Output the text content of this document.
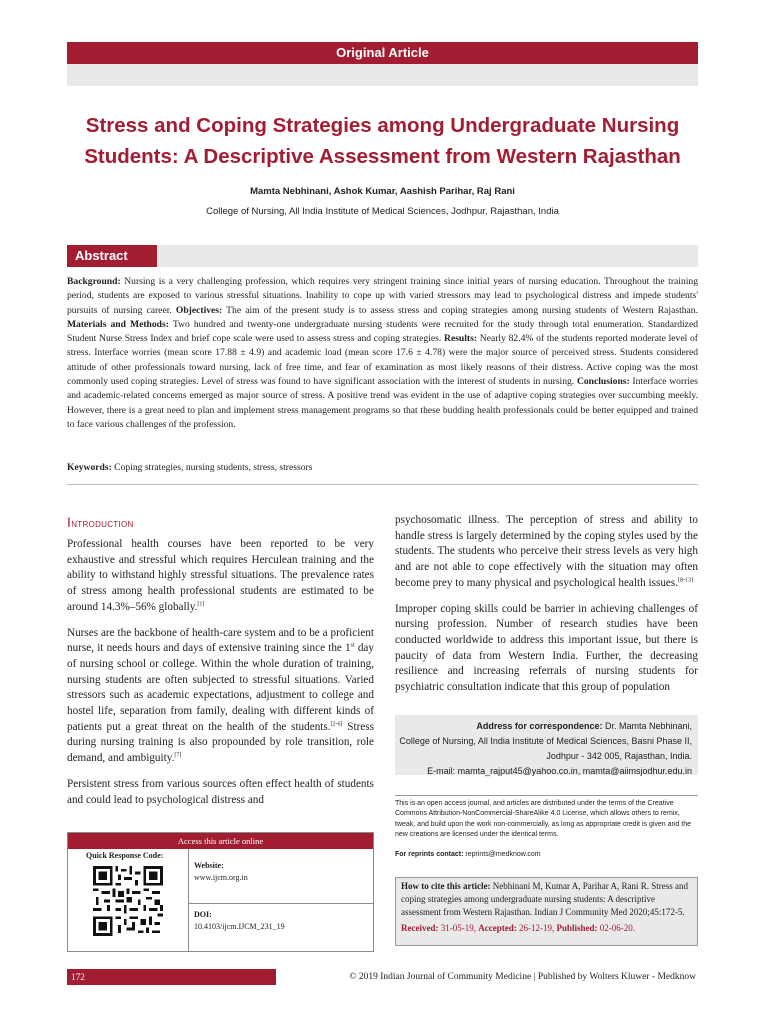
Original Article
Stress and Coping Strategies among Undergraduate Nursing
Students: A Descriptive Assessment from Western Rajasthan
Mamta Nebhinani, Ashok Kumar, Aashish Parihar, Raj Rani
College of Nursing, All India Institute of Medical Sciences, Jodhpur, Rajasthan, India
Abstract
Background: Nursing is a very challenging profession, which requires very stringent training since initial years of nursing education. Throughout the training period, students are exposed to various stressful situations. Inability to cope up with varied stressors may lead to psychological distress and impede students' pursuits of nursing career. Objectives: The aim of the present study is to assess stress and coping strategies among nursing students of Western Rajasthan. Materials and Methods: Two hundred and twenty-one undergraduate nursing students were recruited for the study through total enumeration. Standardized Student Nurse Stress Index and brief cope scale were used to assess stress and coping strategies. Results: Nearly 82.4% of the students reported moderate level of stress. Interface worries (mean score 17.88 ± 4.9) and academic load (mean score 17.6 ± 4.78) were the major source of perceived stress. Students considered attitude of other professionals toward nursing, lack of free time, and fear of examination as most likely reasons of their distress. Active coping was the most commonly used coping strategies. Level of stress was found to have significant association with the interest of students in nursing. Conclusions: Interface worries and academic-related concerns emerged as major source of stress. A positive trend was evident in the use of adaptive coping strategies over succumbing meekly. However, there is a great need to plan and implement stress management programs so that these budding health professionals could be better equipped and trained to face various challenges of the profession.
Keywords: Coping strategies, nursing students, stress, stressors
Introduction

Professional health courses have been reported to be very exhaustive and stressful which requires Herculean training and the ability to withstand highly stressful situations. The prevalence rates of stress among health professional students are estimated to be around 14.3%–56% globally.[1]

Nurses are the backbone of health-care system and to be a proficient nurse, it needs hours and days of extensive training since the 1st day of nursing school or college. Within the whole duration of training, nursing students are often subjected to stressful situations. Varied stressors such as academic expectations, adjustment to college and hostel life, separation from family, dealing with different kinds of patients put a great threat on the health of the students.[2-6] Stress during nursing training is also propounded by role transition, role demand, and ambiguity.[7]

Persistent stress from various sources often effect health of students and could lead to psychological distress and

psychosomatic illness. The perception of stress and ability to handle stress is largely determined by the coping styles used by the students. The students who perceive their stress levels as very high and are not able to cope effectively with the situation may often become prey to many physical and psychological health issues.[8-13]

Improper coping skills could be barrier in achieving challenges of nursing profession. Number of research studies have been conducted worldwide to address this important issue, but there is paucity of data from Western India. Further, the decreasing resilience and increasing referrals of nursing students for psychiatric consultation indicate that this group of population

Address for correspondence: Dr. Mamta Nebhinani,
College of Nursing, All India Institute of Medical Sciences, Basni Phase II,
Jodhpur - 342 005, Rajasthan, India.
E-mail: mamta_rajput45@yahoo.co.in, mamta@aiimsjodhur.edu.in
This is an open access journal, and articles are distributed under the terms of the Creative Commons Attribution-NonCommercial-ShareAlike 4.0 License, which allows others to remix, tweak, and build upon the work non-commercially, as long as appropriate credit is given and the new creations are licensed under the identical terms.
For reprints contact: reprints@medknow.com
How to cite this article: Nebhinani M, Kumar A, Parihar A, Rani R. Stress and coping strategies among undergraduate nursing students: A descriptive assessment from Western Rajasthan. Indian J Community Med 2020;45:172-5.
Received: 31-05-19, Accepted: 26-12-19, Published: 02-06-20.
Access this article online
Quick Response Code:
Website:
www.ijcm.org.in
DOI:
10.4103/ijcm.IJCM_231_19
172	© 2019 Indian Journal of Community Medicine | Published by Wolters Kluwer - Medknow
